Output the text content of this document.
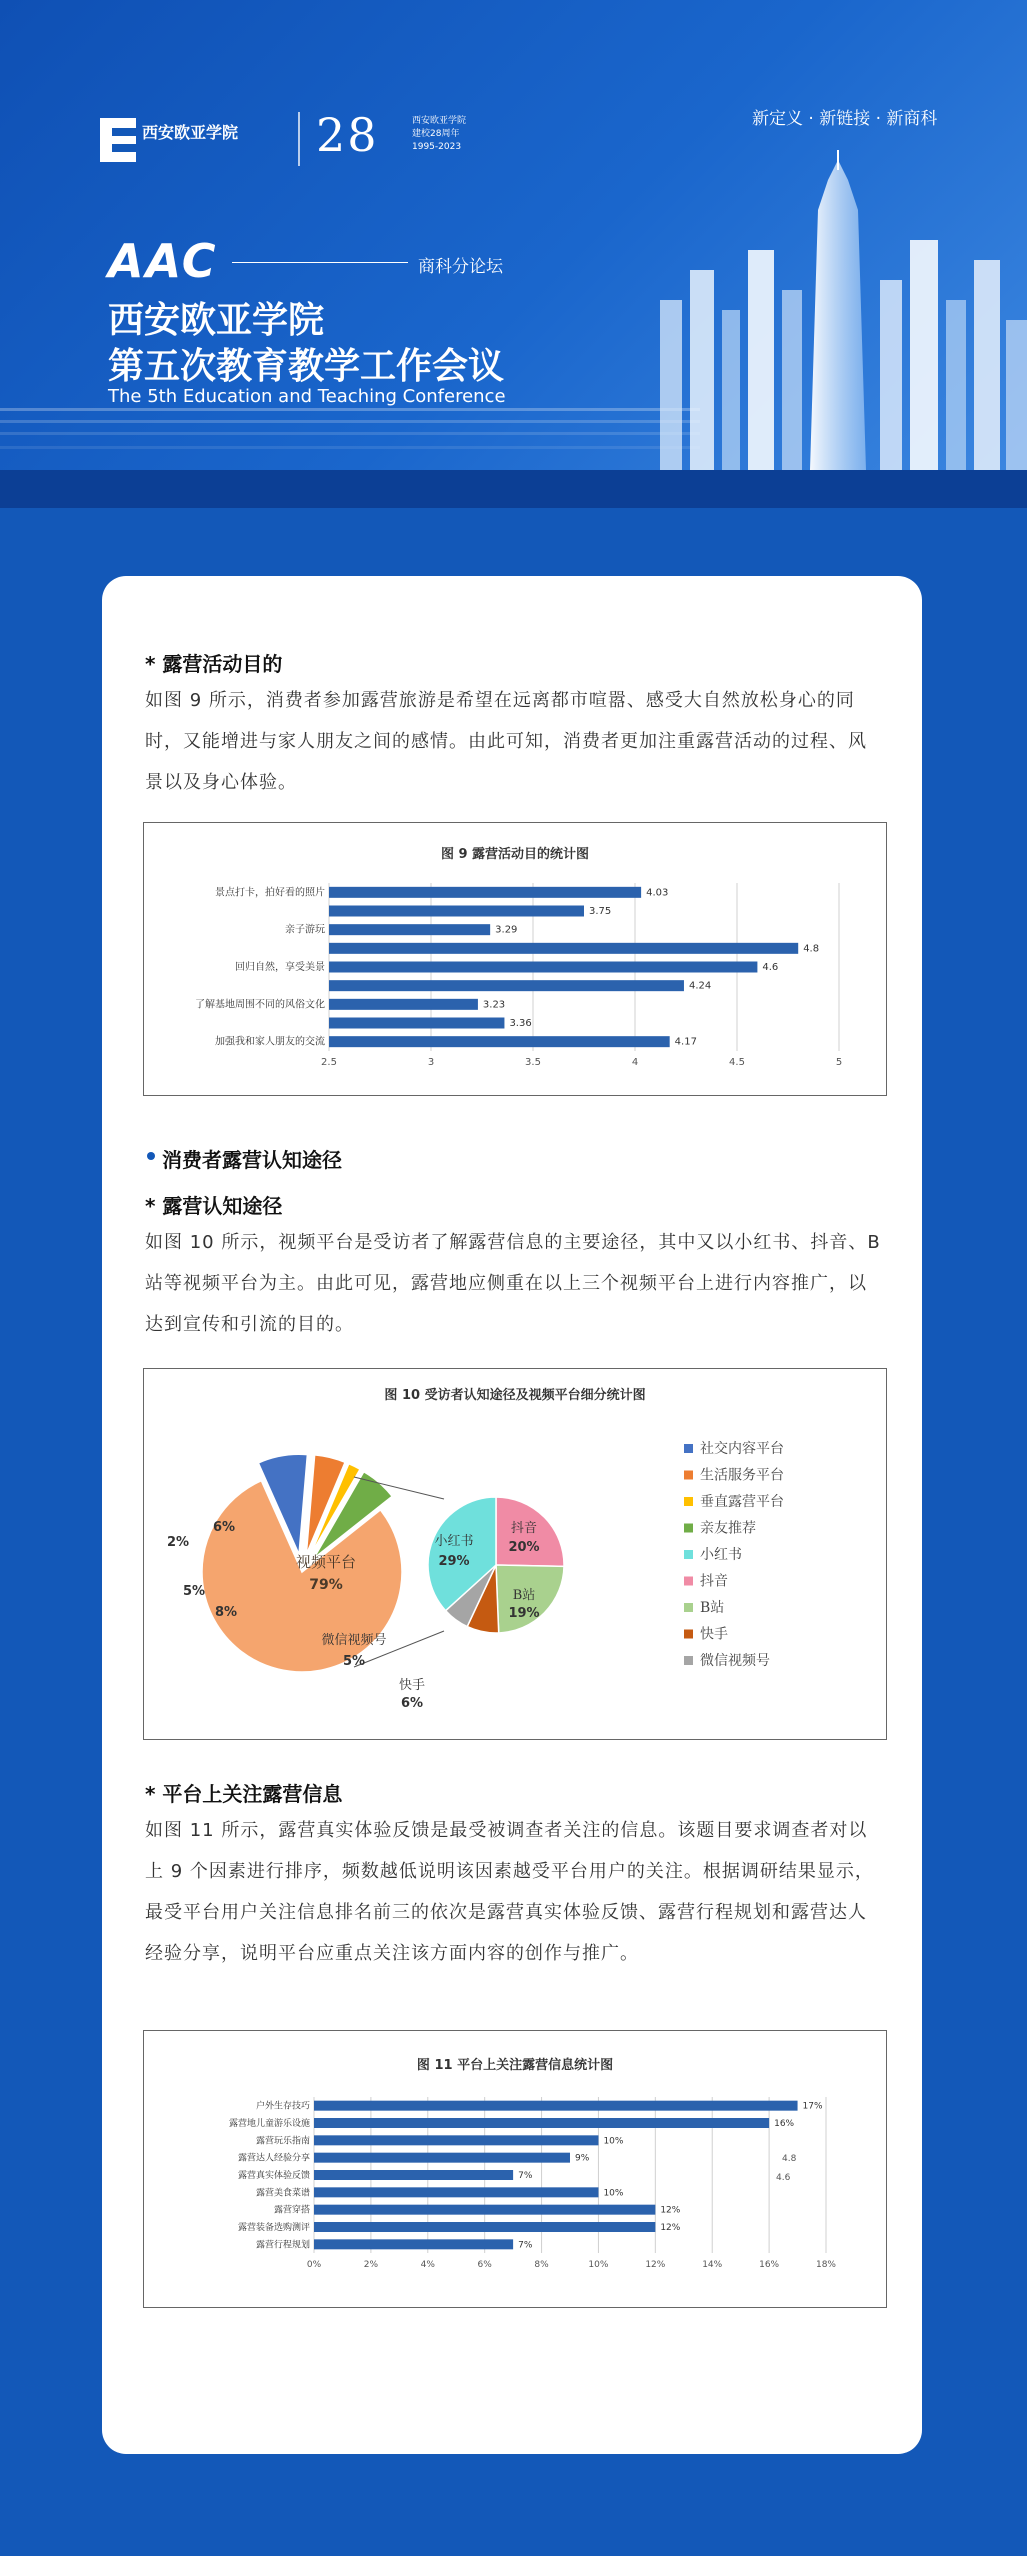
西安欧亚学院 28	西安欧亚学院
建校28周年
1995-2023
新定义 · 新链接 · 新商科
AAC	商科分论坛
西安欧亚学院
第五次教育教学工作会议
The 5th Education and Teaching Conference
* 露营活动目的
如图 9 所示，消费者参加露营旅游是希望在远离都市喧嚣、感受大自然放松身心的同时，又能增进与家人朋友之间的感情。由此可知，消费者更加注重露营活动的过程、风景以及身心体验。
图 9 露营活动目的统计图
2.5	3	3.5	4	4.5	5
景点打卡，拍好看的照片	4.03
3.75
亲子游玩	3.29
4.8
回归自然，享受美景	4.6
4.24
了解基地周围不同的风俗文化	3.23
3.36
加强我和家人朋友的交流	4.17
消费者露营认知途径
* 露营认知途径
如图 10 所示，视频平台是受访者了解露营信息的主要途径，其中又以小红书、抖音、B 站等视频平台为主。由此可见，露营地应侧重在以上三个视频平台上进行内容推广，以达到宣传和引流的目的。
图 10 受访者认知途径及视频平台细分统计图
视频平台
79%
8%
5%
2%
6%	抖音
20%
B站
19%
快手
6%
微信视频号
5%
小红书
29%
社交内容平台
生活服务平台
垂直露营平台
亲友推荐
小红书
抖音
B站
快手
微信视频号
* 平台上关注露营信息
如图 11 所示，露营真实体验反馈是最受被调查者关注的信息。该题目要求调查者对以上 9 个因素进行排序，频数越低说明该因素越受平台用户的关注。根据调研结果显示，最受平台用户关注信息排名前三的依次是露营真实体验反馈、露营行程规划和露营达人经验分享，说明平台应重点关注该方面内容的创作与推广。
图 11 平台上关注露营信息统计图
0%	2%	4%	6%	8%	10%	12%	14%	16%	18%
户外生存技巧	17%
露营地儿童游乐设施	16%
露营玩乐指南	10%
露营达人经验分享	9%
露营真实体验反馈	7%
露营美食菜谱	10%
露营穿搭	12%
露营装备选购测评	12%
露营行程规划	7%
4.8
4.6
